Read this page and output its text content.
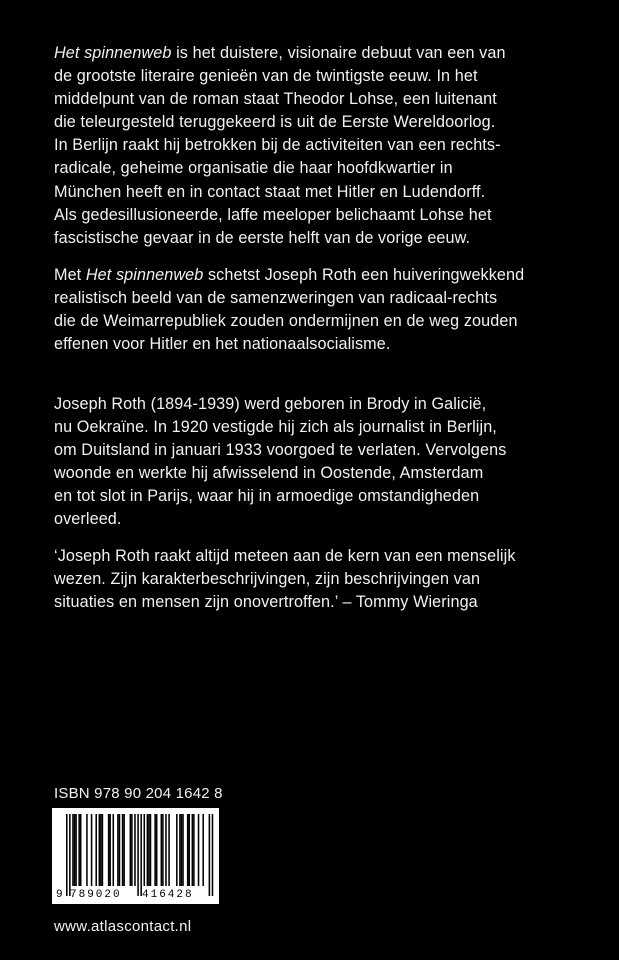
Het spinnenweb is het duistere, visionaire debuut van een van
de grootste literaire genieën van de twintigste eeuw. In het
middelpunt van de roman staat Theodor Lohse, een luitenant
die teleurgesteld teruggekeerd is uit de Eerste Wereldoorlog.
In Berlijn raakt hij betrokken bij de activiteiten van een rechts-
radicale, geheime organisatie die haar hoofdkwartier in
München heeft en in contact staat met Hitler en Ludendorff.
Als gedesillusioneerde, laffe meeloper belichaamt Lohse het
fascistische gevaar in de eerste helft van de vorige eeuw.

Met Het spinnenweb schetst Joseph Roth een huiveringwekkend
realistisch beeld van de samenzweringen van radicaal-rechts
die de Weimarrepubliek zouden ondermijnen en de weg zouden
effenen voor Hitler en het nationaalsocialisme.

Joseph Roth (1894-1939) werd geboren in Brody in Galicië,
nu Oekraïne. In 1920 vestigde hij zich als journalist in Berlijn,
om Duitsland in januari 1933 voorgoed te verlaten. Vervolgens
woonde en werkte hij afwisselend in Oostende, Amsterdam
en tot slot in Parijs, waar hij in armoedige omstandigheden
overleed.

‘Joseph Roth raakt altijd meteen aan de kern van een menselijk
wezen. Zijn karakterbeschrijvingen, zijn beschrijvingen van
situaties en mensen zijn onovertroffen.’ – Tommy Wieringa

ISBN 978 90 204 1642 8

9 789020 416428

www.atlascontact.nl
